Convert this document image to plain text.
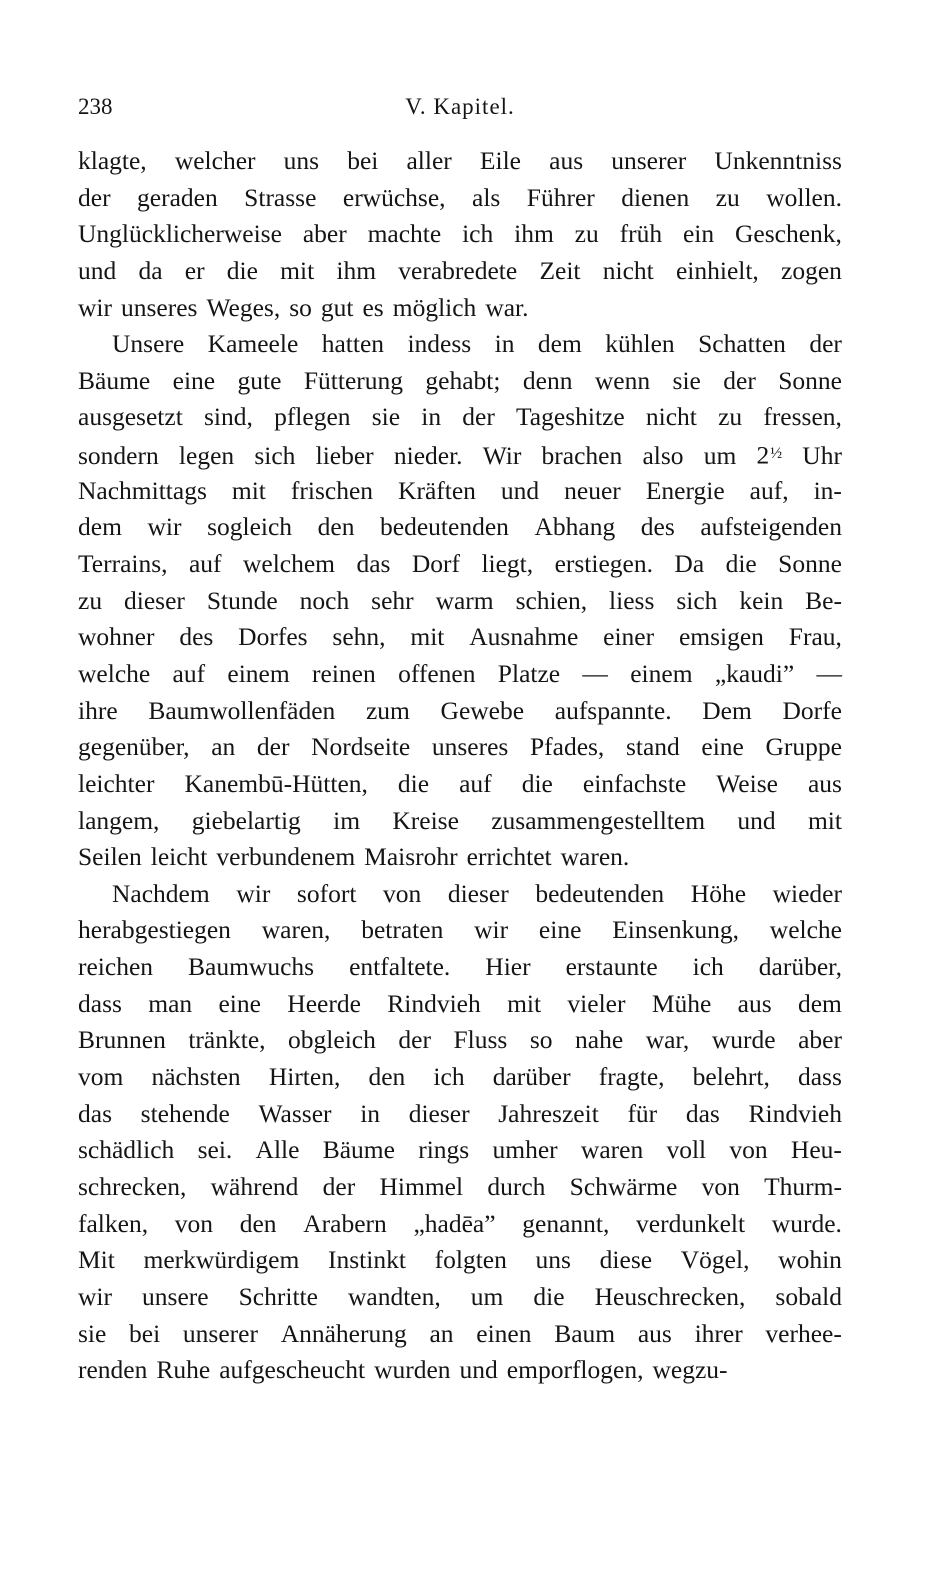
238	V. Kapitel.
klagte, welcher uns bei aller Eile aus unserer Unkenntniss
der geraden Strasse erwüchse, als Führer dienen zu wollen.
Unglücklicherweise aber machte ich ihm zu früh ein Geschenk,
und da er die mit ihm verabredete Zeit nicht einhielt, zogen
wir unseres Weges, so gut es möglich war.
Unsere Kameele hatten indess in dem kühlen Schatten der
Bäume eine gute Fütterung gehabt; denn wenn sie der Sonne
ausgesetzt sind, pflegen sie in der Tageshitze nicht zu fressen,
sondern legen sich lieber nieder. Wir brachen also um 2½ Uhr
Nachmittags mit frischen Kräften und neuer Energie auf, in-
dem wir sogleich den bedeutenden Abhang des aufsteigenden
Terrains, auf welchem das Dorf liegt, erstiegen. Da die Sonne
zu dieser Stunde noch sehr warm schien, liess sich kein Be-
wohner des Dorfes sehn, mit Ausnahme einer emsigen Frau,
welche auf einem reinen offenen Platze — einem „kaudi” —
ihre Baumwollenfäden zum Gewebe aufspannte. Dem Dorfe
gegenüber, an der Nordseite unseres Pfades, stand eine Gruppe
leichter Kanembū-Hütten, die auf die einfachste Weise aus
langem, giebelartig im Kreise zusammengestelltem und mit
Seilen leicht verbundenem Maisrohr errichtet waren.
Nachdem wir sofort von dieser bedeutenden Höhe wieder
herabgestiegen waren, betraten wir eine Einsenkung, welche
reichen Baumwuchs entfaltete. Hier erstaunte ich darüber,
dass man eine Heerde Rindvieh mit vieler Mühe aus dem
Brunnen tränkte, obgleich der Fluss so nahe war, wurde aber
vom nächsten Hirten, den ich darüber fragte, belehrt, dass
das stehende Wasser in dieser Jahreszeit für das Rindvieh
schädlich sei. Alle Bäume rings umher waren voll von Heu-
schrecken, während der Himmel durch Schwärme von Thurm-
falken, von den Arabern „hadēa” genannt, verdunkelt wurde.
Mit merkwürdigem Instinkt folgten uns diese Vögel, wohin
wir unsere Schritte wandten, um die Heuschrecken, sobald
sie bei unserer Annäherung an einen Baum aus ihrer verhee-
renden Ruhe aufgescheucht wurden und emporflogen, wegzu-
